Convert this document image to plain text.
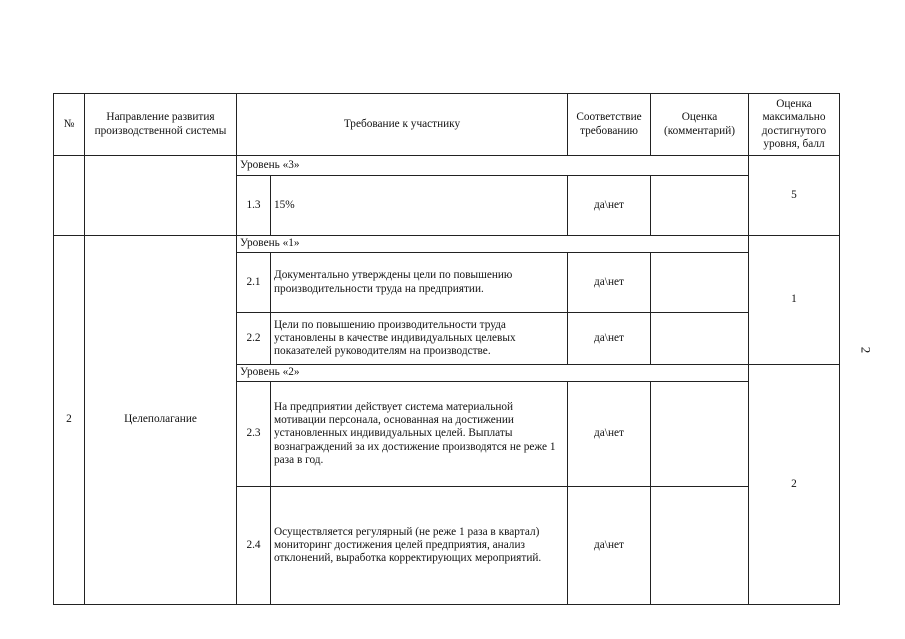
№	Направление развития производственной системы	Требование к участнику		Соответствие требованию	Оценка (комментарий)	Оценка максимально достигнутого уровня, балл
		Уровень «3»				5
		1.3	15%	да\нет		
2	Целеполагание	Уровень «1»				1
		2.1	Документально утверждены цели по повышению производительности труда на предприятии.	да\нет		
		2.2	Цели по повышению производительности труда установлены в качестве индивидуальных целевых показателей руководителям на производстве.	да\нет		
		Уровень «2»				2
		2.3	На предприятии действует система материальной мотивации персонала, основанная на достижении установленных индивидуальных целей. Выплаты вознаграждений за их достижение производятся не реже 1 раза в год.	да\нет		
		2.4	Осуществляется регулярный (не реже 1 раза в квартал) мониторинг достижения целей предприятия, анализ отклонений, выработка корректирующих мероприятий.	да\нет		
2
